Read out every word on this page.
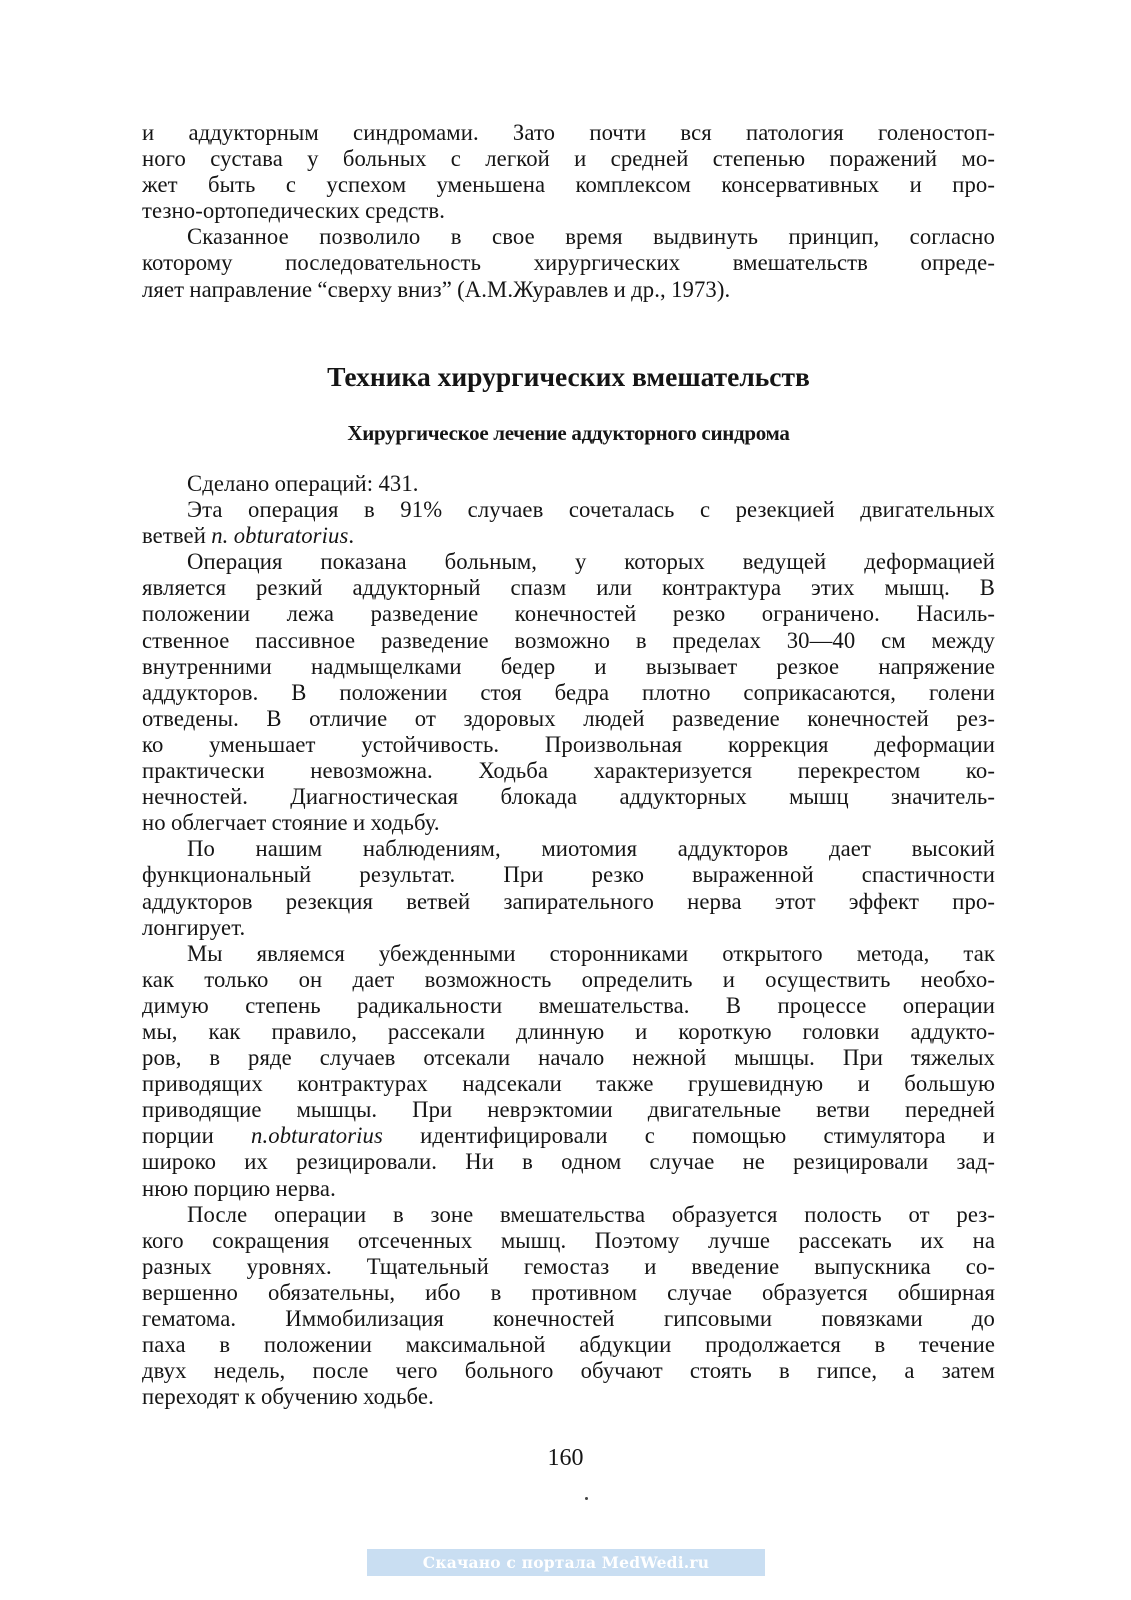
и аддукторным синдромами. Зато почти вся патология голеностоп-
ного сустава у больных с легкой и средней степенью поражений мо-
жет быть с успехом уменьшена комплексом консервативных и про-
тезно-ортопедических средств.
Сказанное позволило в свое время выдвинуть принцип, согласно
которому последовательность хирургических вмешательств опреде-
ляет направление “сверху вниз” (А.М.Журавлев и др., 1973).
Техника хирургических вмешательств
Хирургическое лечение аддукторного синдрома
Сделано операций: 431.
Эта операция в 91% случаев сочеталась с резекцией двигательных
ветвей n. obturatorius.
Операция показана больным, у которых ведущей деформацией
является резкий аддукторный спазм или контрактура этих мышц. В
положении лежа разведение конечностей резко ограничено. Насиль-
ственное пассивное разведение возможно в пределах 30—40 см между
внутренними надмыщелками бедер и вызывает резкое напряжение
аддукторов. В положении стоя бедра плотно соприкасаются, голени
отведены. В отличие от здоровых людей разведение конечностей рез-
ко уменьшает устойчивость. Произвольная коррекция деформации
практически невозможна. Ходьба характеризуется перекрестом ко-
нечностей. Диагностическая блокада аддукторных мышц значитель-
но облегчает стояние и ходьбу.
По нашим наблюдениям, миотомия аддукторов дает высокий
функциональный результат. При резко выраженной спастичности
аддукторов резекция ветвей запирательного нерва этот эффект про-
лонгирует.
Мы являемся убежденными сторонниками открытого метода, так
как только он дает возможность определить и осуществить необхо-
димую степень радикальности вмешательства. В процессе операции
мы, как правило, рассекали длинную и короткую головки аддукто-
ров, в ряде случаев отсекали начало нежной мышцы. При тяжелых
приводящих контрактурах надсекали также грушевидную и большую
приводящие мышцы. При неврэктомии двигательные ветви передней
порции n.obturatorius идентифицировали с помощью стимулятора и
широко их резицировали. Ни в одном случае не резицировали зад-
нюю порцию нерва.
После операции в зоне вмешательства образуется полость от рез-
кого сокращения отсеченных мышц. Поэтому лучше рассекать их на
разных уровнях. Тщательный гемостаз и введение выпускника со-
вершенно обязательны, ибо в противном случае образуется обширная
гематома. Иммобилизация конечностей гипсовыми повязками до
паха в положении максимальной абдукции продолжается в течение
двух недель, после чего больного обучают стоять в гипсе, а затем
переходят к обучению ходьбе.
160
Скачано с портала MedWedi.ru
